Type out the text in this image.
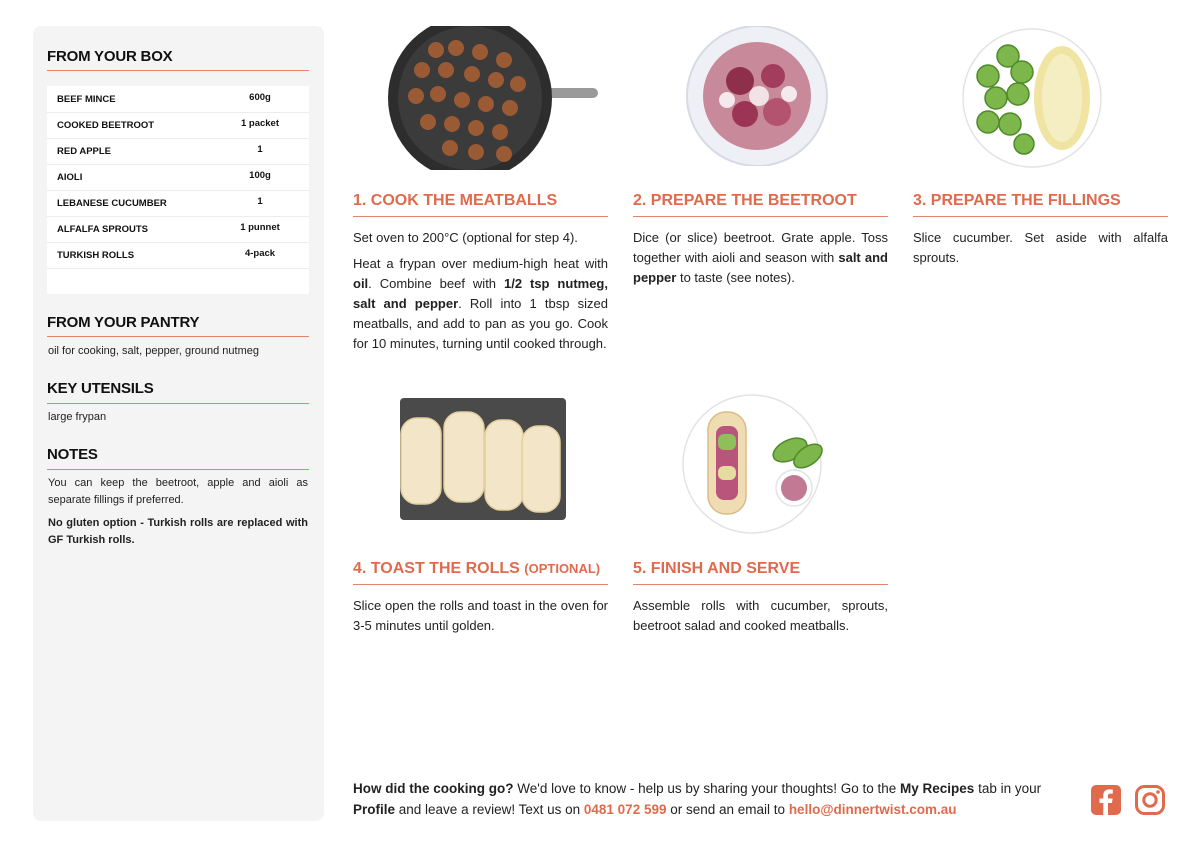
FROM YOUR BOX
BEEF MINCE	600g
COOKED BEETROOT	1 packet
RED APPLE	1
AIOLI	100g
LEBANESE CUCUMBER	1
ALFALFA SPROUTS	1 punnet
TURKISH ROLLS	4-pack
FROM YOUR PANTRY
oil for cooking, salt, pepper, ground nutmeg
KEY UTENSILS
large frypan
NOTES

You can keep the beetroot, apple and aioli as separate fillings if preferred.

No gluten option - Turkish rolls are replaced with GF Turkish rolls.

1. COOK THE MEATBALLS

Set oven to 200°C (optional for step 4).

Heat a frypan over medium-high heat with oil. Combine beef with 1/2 tsp nutmeg, salt and pepper. Roll into 1 tbsp sized meatballs, and add to pan as you go. Cook for 10 minutes, turning until cooked through.

2. PREPARE THE BEETROOT

Dice (or slice) beetroot. Grate apple. Toss together with aioli and season with salt and pepper to taste (see notes).

3. PREPARE THE FILLINGS

Slice cucumber. Set aside with alfalfa sprouts.

4. TOAST THE ROLLS (OPTIONAL)

Slice open the rolls and toast in the oven for 3-5 minutes until golden.

5. FINISH AND SERVE

Assemble rolls with cucumber, sprouts, beetroot salad and cooked meatballs.

How did the cooking go? We'd love to know - help us by sharing your thoughts! Go to the My Recipes tab in your Profile and leave a review! Text us on 0481 072 599 or send an email to hello@dinnertwist.com.au
